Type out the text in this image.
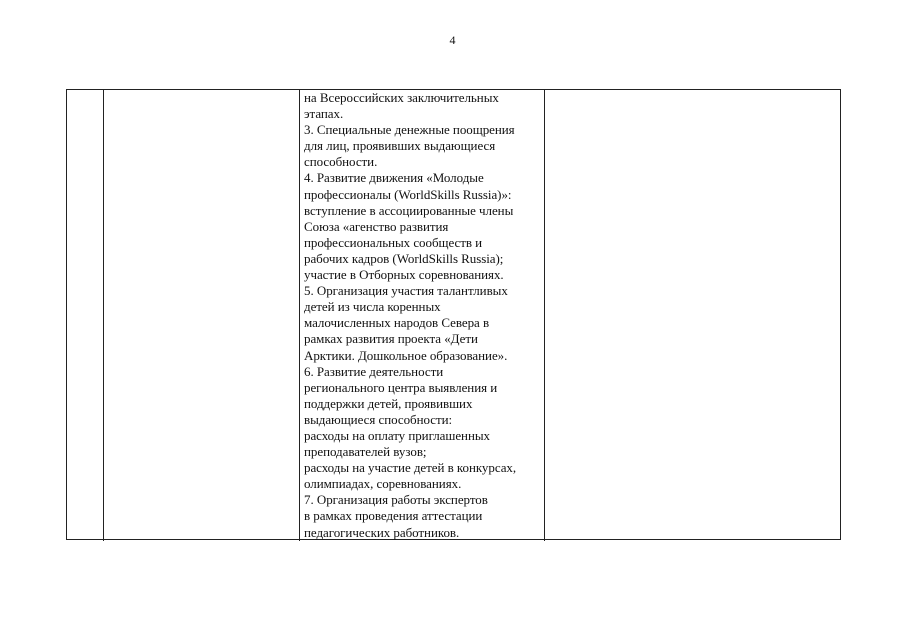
4
на Всероссийских заключительных
этапах.
3. Специальные денежные поощрения
для лиц, проявивших выдающиеся
способности.
4. Развитие движения «Молодые
профессионалы (WorldSkills Russia)»:
вступление в ассоциированные члены
Союза «агенство развития
профессиональных сообществ и
рабочих кадров (WorldSkills Russia);
участие в Отборных соревнованиях.
5. Организация участия талантливых
детей из числа коренных
малочисленных народов Севера в
рамках развития проекта «Дети
Арктики. Дошкольное образование».
6. Развитие деятельности
регионального центра выявления и
поддержки детей, проявивших
выдающиеся способности:
расходы на оплату приглашенных
преподавателей вузов;
расходы на участие детей в конкурсах,
олимпиадах, соревнованиях.
7. Организация работы экспертов
в рамках проведения аттестации
педагогических работников.
